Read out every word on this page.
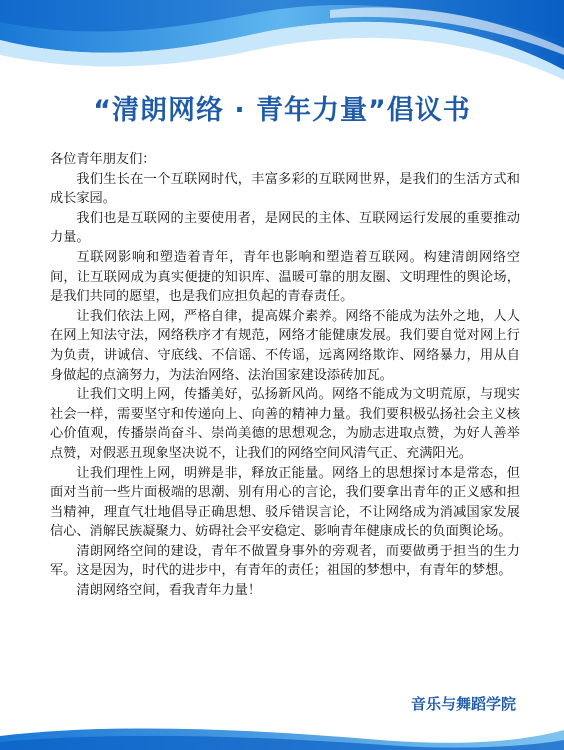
“清朗网络 · 青年力量”倡议书

各位青年朋友们：

我们生长在一个互联网时代，丰富多彩的互联网世界，是我们的生活方式和成长家园。

我们也是互联网的主要使用者，是网民的主体、互联网运行发展的重要推动力量。

互联网影响和塑造着青年，青年也影响和塑造着互联网。构建清朗网络空间，让互联网成为真实便捷的知识库、温暖可靠的朋友圈、文明理性的舆论场，是我们共同的愿望，也是我们应担负起的青春责任。

让我们依法上网，严格自律，提高媒介素养。网络不能成为法外之地，人人在网上知法守法，网络秩序才有规范，网络才能健康发展。我们要自觉对网上行为负责，讲诚信、守底线、不信谣、不传谣，远离网络欺诈、网络暴力，用从自身做起的点滴努力，为法治网络、法治国家建设添砖加瓦。

让我们文明上网，传播美好，弘扬新风尚。网络不能成为文明荒原，与现实社会一样，需要坚守和传递向上、向善的精神力量。我们要积极弘扬社会主义核心价值观，传播崇尚奋斗、崇尚美德的思想观念，为励志进取点赞，为好人善举点赞，对假恶丑现象坚决说不，让我们的网络空间风清气正、充满阳光。

让我们理性上网，明辨是非，释放正能量。网络上的思想探讨本是常态，但面对当前一些片面极端的思潮、别有用心的言论，我们要拿出青年的正义感和担当精神，理直气壮地倡导正确思想、驳斥错误言论，不让网络成为消减国家发展信心、消解民族凝聚力、妨碍社会平安稳定、影响青年健康成长的负面舆论场。

清朗网络空间的建设，青年不做置身事外的旁观者，而要做勇于担当的生力军。这是因为，时代的进步中，有青年的责任；祖国的梦想中，有青年的梦想。

清朗网络空间，看我青年力量！

音乐与舞蹈学院
